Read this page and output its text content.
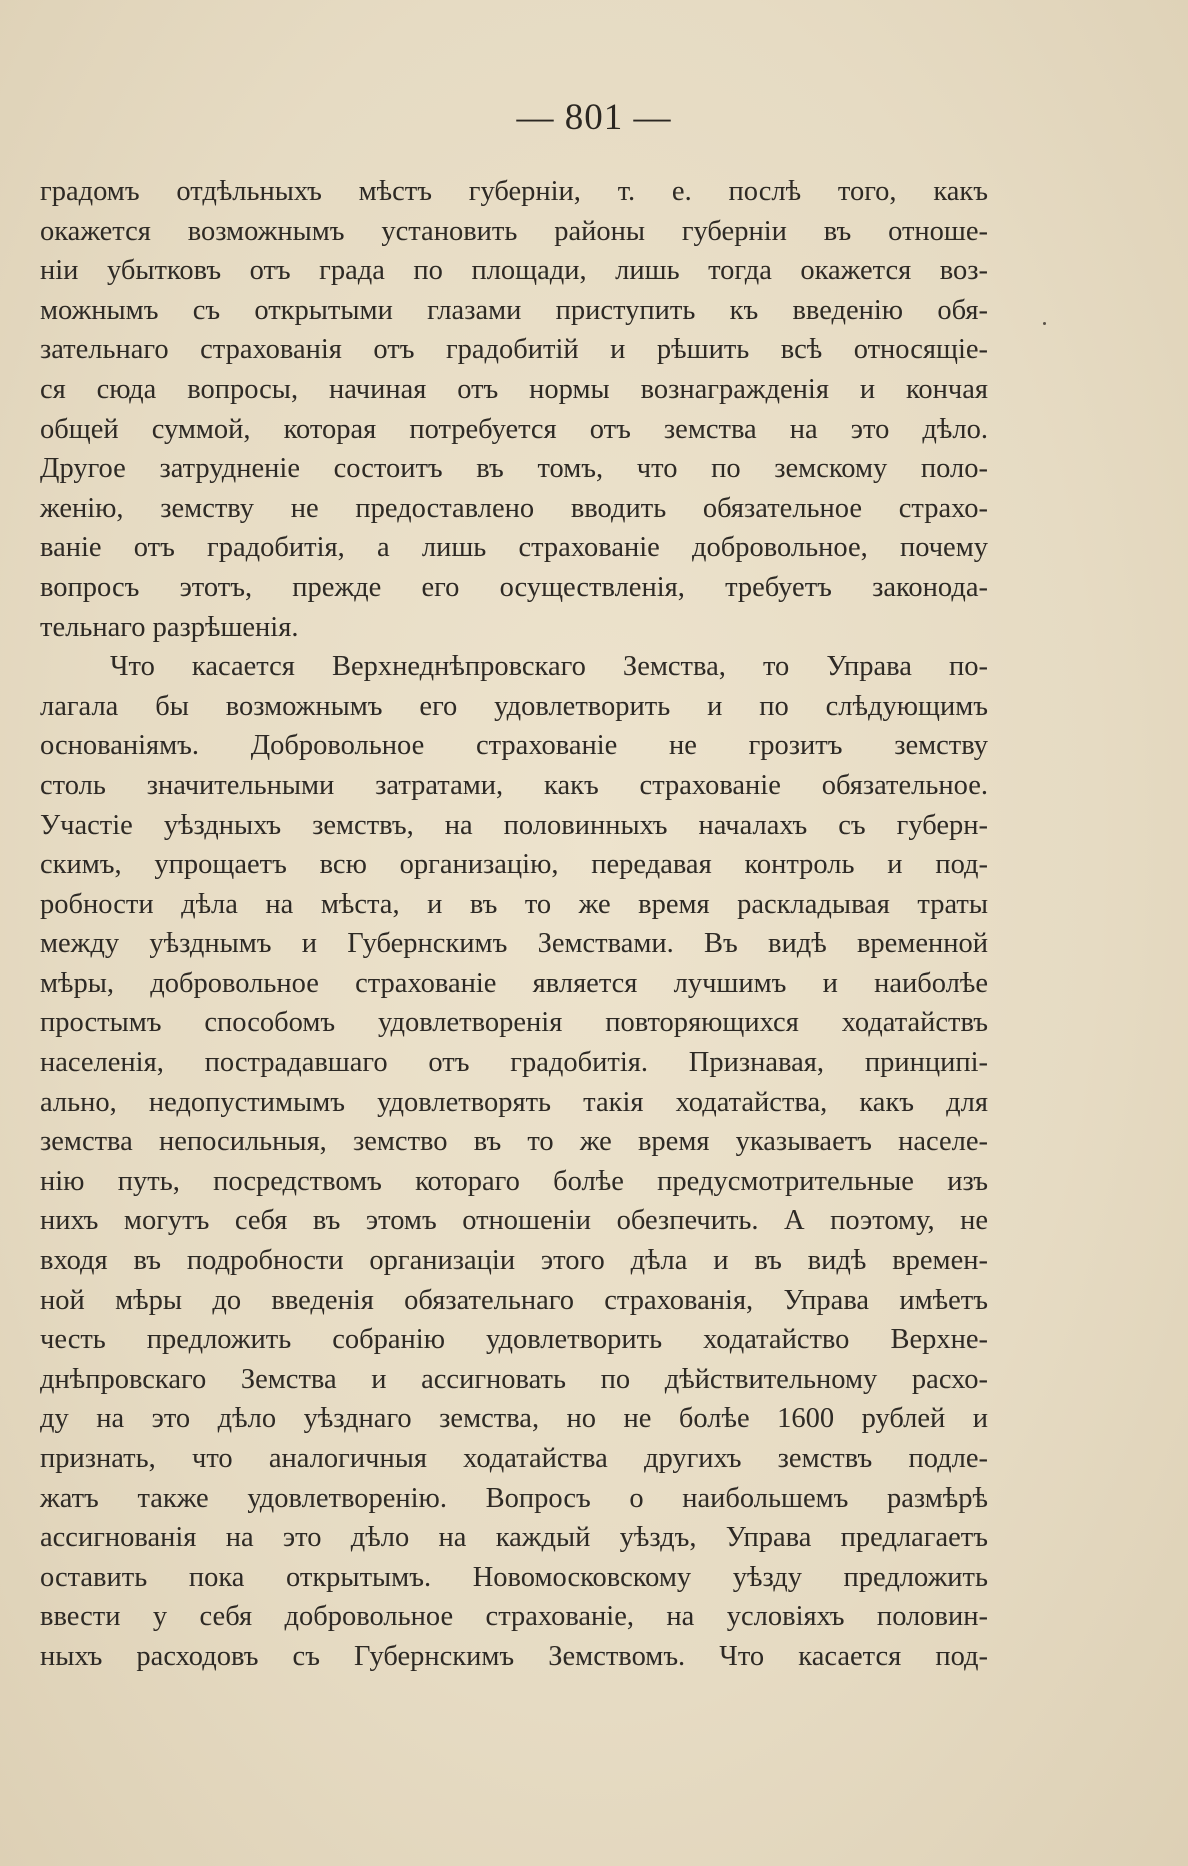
— 801 —
градомъ отдѣльныхъ мѣстъ губерніи, т. е. послѣ того, какъ
окажется возможнымъ установить районы губерніи въ отноше-
ніи убытковъ отъ града по площади, лишь тогда окажется воз-
можнымъ съ открытыми глазами приступить къ введенію обя-
зательнаго страхованія отъ градобитій и рѣшить всѣ относящіе-
ся сюда вопросы, начиная отъ нормы вознагражденія и кончая
общей суммой, которая потребуется отъ земства на это дѣло.
Другое затрудненіе состоитъ въ томъ, что по земскому поло-
женію, земству не предоставлено вводить обязательное страхо-
ваніе отъ градобитія, а лишь страхованіе добровольное, почему
вопросъ этотъ, прежде его осуществленія, требуетъ законода-
тельнаго разрѣшенія.
Что касается Верхнеднѣпровскаго Земства, то Управа по-
лагала бы возможнымъ его удовлетворить и по слѣдующимъ
основаніямъ. Добровольное страхованіе не грозитъ земству
столь значительными затратами, какъ страхованіе обязательное.
Участіе уѣздныхъ земствъ, на половинныхъ началахъ съ губерн-
скимъ, упрощаетъ всю организацію, передавая контроль и под-
робности дѣла на мѣста, и въ то же время раскладывая траты
между уѣзднымъ и Губернскимъ Земствами. Въ видѣ временной
мѣры, добровольное страхованіе является лучшимъ и наиболѣе
простымъ способомъ удовлетворенія повторяющихся ходатайствъ
населенія, пострадавшаго отъ градобитія. Признавая, принципі-
ально, недопустимымъ удовлетворять такія ходатайства, какъ для
земства непосильныя, земство въ то же время указываетъ населе-
нію путь, посредствомъ котораго болѣе предусмотрительные изъ
нихъ могутъ себя въ этомъ отношеніи обезпечить. А поэтому, не
входя въ подробности организаціи этого дѣла и въ видѣ времен-
ной мѣры до введенія обязательнаго страхованія, Управа имѣетъ
честь предложить собранію удовлетворить ходатайство Верхне-
днѣпровскаго Земства и ассигновать по дѣйствительному расхо-
ду на это дѣло уѣзднаго земства, но не болѣе 1600 рублей и
признать, что аналогичныя ходатайства другихъ земствъ подле-
жатъ также удовлетворенію. Вопросъ о наибольшемъ размѣрѣ
ассигнованія на это дѣло на каждый уѣздъ, Управа предлагаетъ
оставить пока открытымъ. Новомосковскому уѣзду предложить
ввести у себя добровольное страхованіе, на условіяхъ половин-
ныхъ расходовъ съ Губернскимъ Земствомъ. Что касается под-
